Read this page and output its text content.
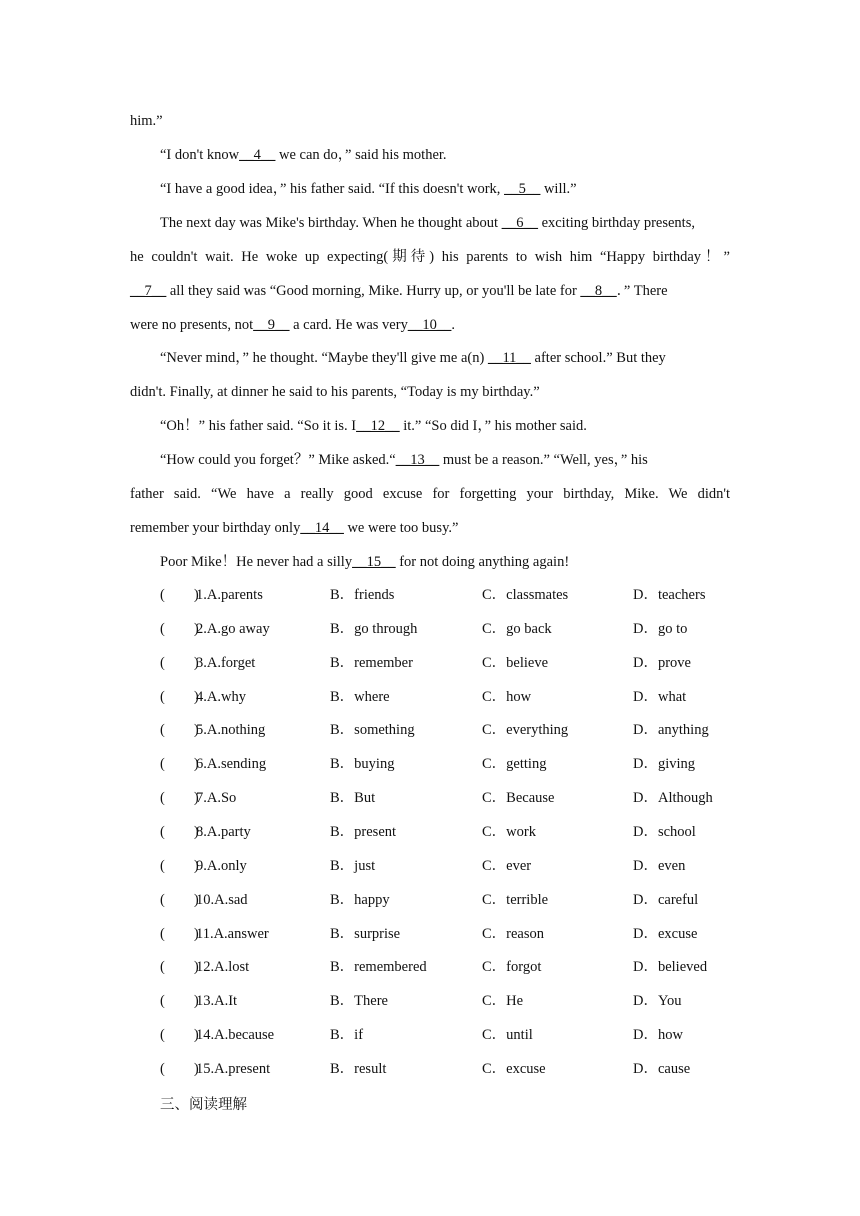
him.”
“I don't know__4__ we can do，” said his mother.
“I have a good idea，” his father said. “If this doesn't work, __5__ will.”
The next day was Mike's birthday. When he thought about __6__ exciting birthday presents,
he couldn't wait. He woke up expecting(期待) his parents to wish him “Happy birthday！”
__7__ all they said was “Good morning, Mike. Hurry up, or you'll be late for __8__．” There
were no presents, not__9__ a card. He was very__10__.
“Never mind，” he thought. “Maybe they'll give me a(n) __11__ after school.” But they
didn't. Finally, at dinner he said to his parents, “Today is my birthday.”
“Oh！” his father said. “So it is. I__12__ it.” “So did I，” his mother said.
“How could you forget？” Mike asked.“__13__ must be a reason.” “Well, yes，” his
father said. “We have a really good excuse for forgetting your birthday, Mike. We didn't
remember your birthday only__14__ we were too busy.”
Poor Mike！He never had a silly__15__ for not doing anything again!
(　　)
1.A.parents	B．friends	C．classmates	D．teachers
(　　)
2.A.go away	B．go through	C．go back	D．go to
(　　)
3.A.forget	B．remember	C．believe	D．prove
(　　)
4.A.why	B．where	C．how	D．what
(　　)
5.A.nothing	B．something	C．everything	D．anything
(　　)
6.A.sending	B．buying	C．getting	D．giving
(　　)
7.A.So	B．But	C．Because	D．Although
(　　)
8.A.party	B．present	C．work	D．school
(　　)
9.A.only	B．just	C．ever	D．even
(　　)
10.A.sad	B．happy	C．terrible	D．careful
(　　)
11.A.answer	B．surprise	C．reason	D．excuse
(　　)
12.A.lost	B．remembered	C．forgot	D．believed
(　　)
13.A.It	B．There	C．He	D．You
(　　)
14.A.because	B．if	C．until	D．how
(　　)
15.A.present	B．result	C．excuse	D．cause
三、阅读理解
